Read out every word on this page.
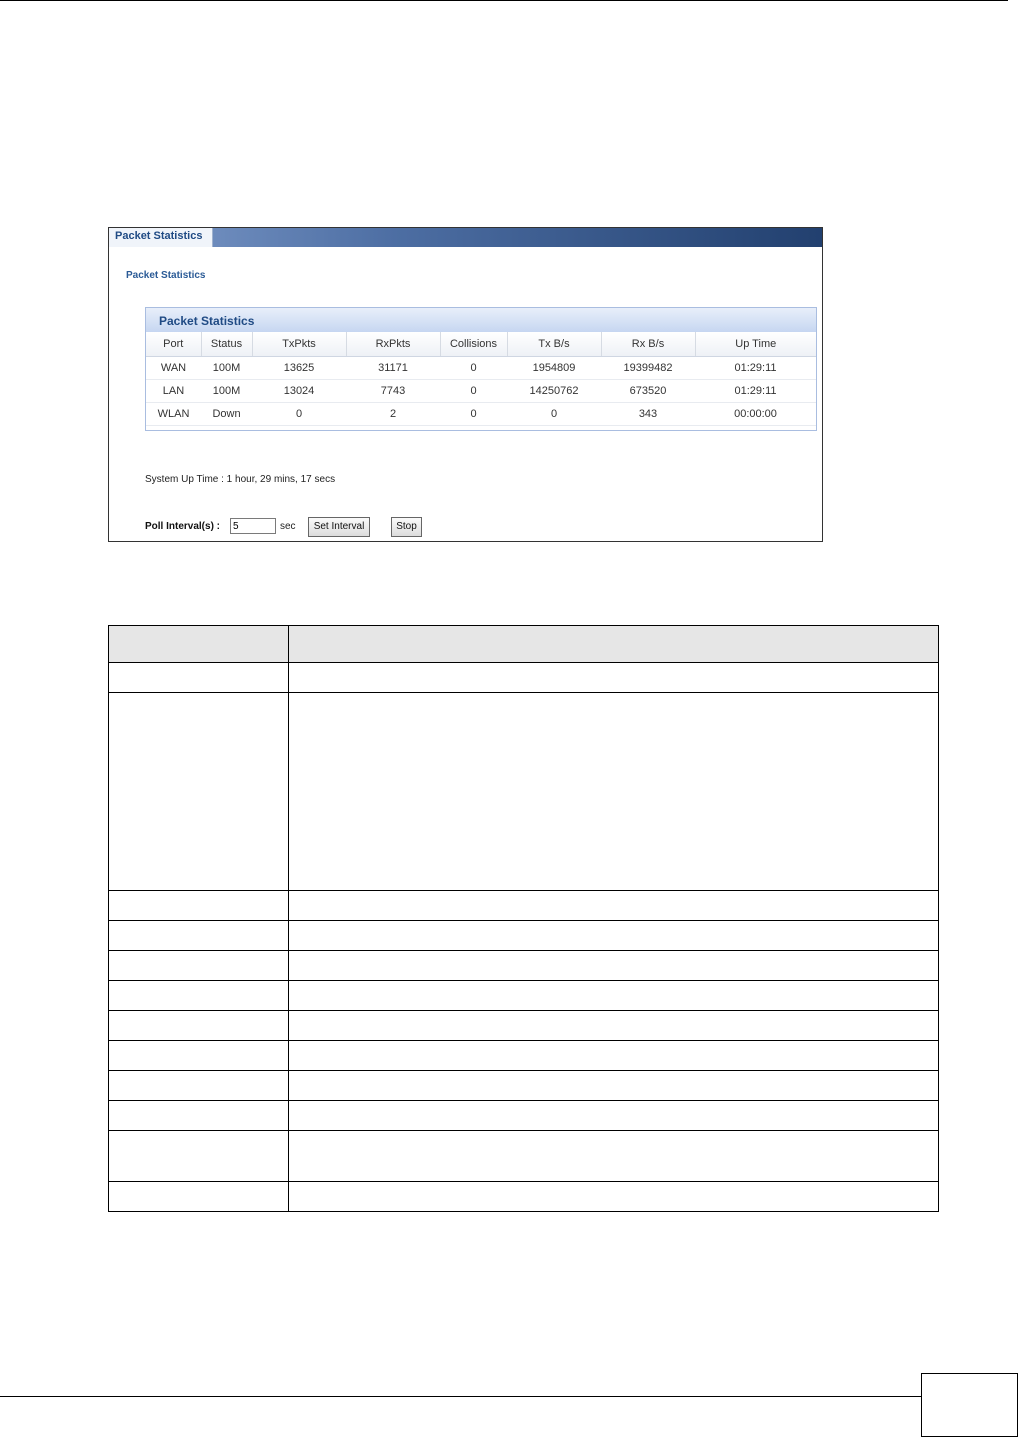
Packet Statistics
Packet Statistics
Packet Statistics
Port	Status	TxPkts	RxPkts	Collisions	Tx B/s	Rx B/s	Up Time
WAN	100M	13625	31171	0	1954809	19399482	01:29:11
LAN	100M	13024	7743	0	14250762	673520	01:29:11
WLAN	Down	0	2	0	0	343	00:00:00
System Up Time : 1 hour, 29 mins, 17 secs
Poll Interval(s) :
5	sec	Set Interval	Stop
